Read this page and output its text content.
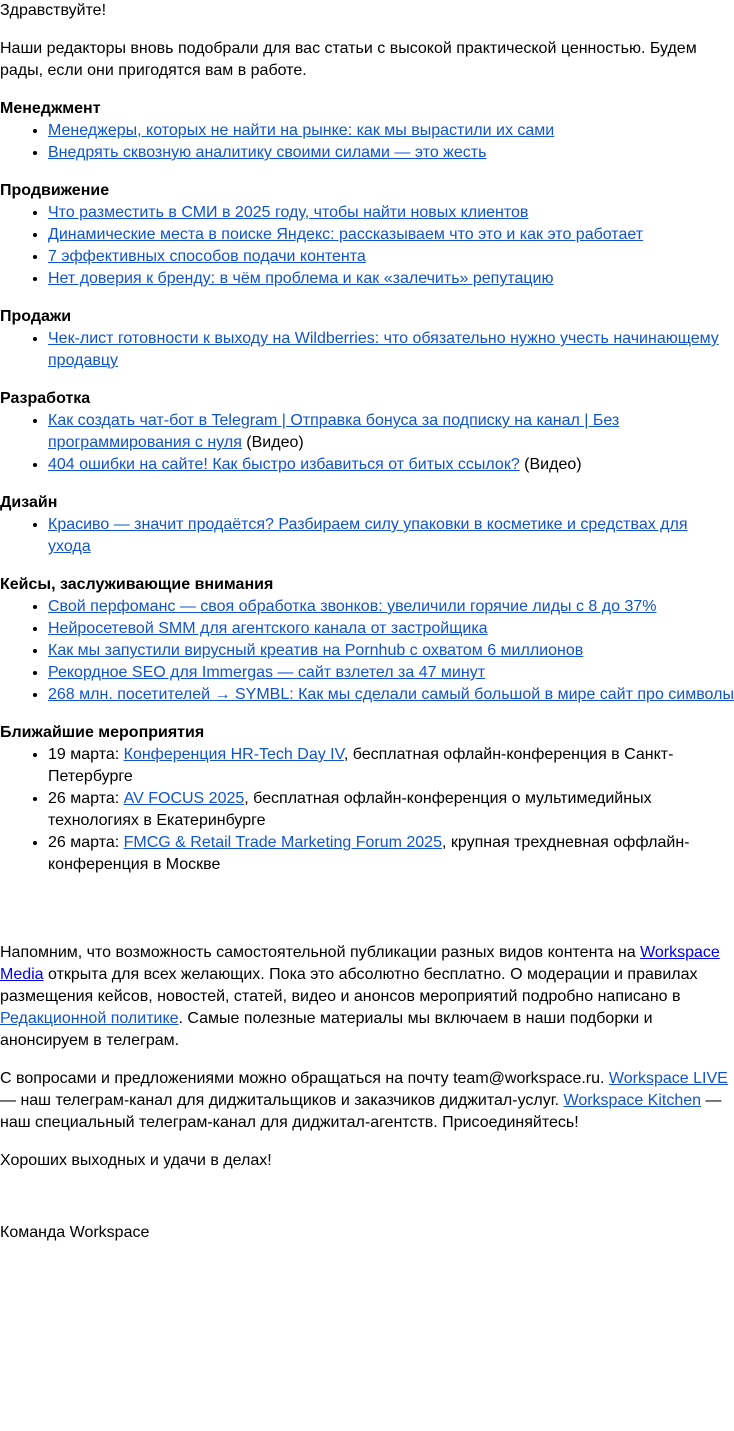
Здравствуйте!

Наши редакторы вновь подобрали для вас статьи с высокой практической ценностью. Будем рады, если они пригодятся вам в работе.

Менеджмент
• Менеджеры, которых не найти на рынке: как мы вырастили их сами
• Внедрять сквозную аналитику своими силами — это жесть
Продвижение
• Что разместить в СМИ в 2025 году, чтобы найти новых клиентов
• Динамические места в поиске Яндекс: рассказываем что это и как это работает
• 7 эффективных способов подачи контента
• Нет доверия к бренду: в чём проблема и как «залечить» репутацию
Продажи
• Чек-лист готовности к выходу на Wildberries: что обязательно нужно учесть начинающему продавцу
Разработка
• Как создать чат-бот в Telegram | Отправка бонуса за подписку на канал | Без программирования с нуля (Видео)
• 404 ошибки на сайте! Как быстро избавиться от битых ссылок? (Видео)
Дизайн
• Красиво — значит продаётся? Разбираем силу упаковки в косметике и средствах для ухода
Кейсы, заслуживающие внимания
• Свой перфоманс — своя обработка звонков: увеличили горячие лиды с 8 до 37%
• Нейросетевой SMM для агентского канала от застройщика
• Как мы запустили вирусный креатив на Pornhub с охватом 6 миллионов
• Рекордное SEO для Immergas — сайт взлетел за 47 минут
• 268 млн. посетителей → SYMBL: Как мы сделали самый большой в мире сайт про символы
Ближайшие мероприятия
• 19 марта: Конференция HR-Tech Day IV, бесплатная офлайн-конференция в Санкт-Петербурге
• 26 марта: AV FOCUS 2025, бесплатная офлайн-конференция о мультимедийных технологиях в Екатеринбурге
• 26 марта: FMCG & Retail Trade Marketing Forum 2025, крупная трехдневная оффлайн-конференция в Москве

Напомним, что возможность самостоятельной публикации разных видов контента на Workspace Media открыта для всех желающих. Пока это абсолютно бесплатно. О модерации и правилах размещения кейсов, новостей, статей, видео и анонсов мероприятий подробно написано в Редакционной политике. Самые полезные материалы мы включаем в наши подборки и анонсируем в телеграм.

С вопросами и предложениями можно обращаться на почту team@workspace.ru. Workspace LIVE — наш телеграм-канал для диджитальщиков и заказчиков диджитал-услуг. Workspace Kitchen — наш специальный телеграм-канал для диджитал-агентств. Присоединяйтесь!

Хороших выходных и удачи в делах!

Команда Workspace
